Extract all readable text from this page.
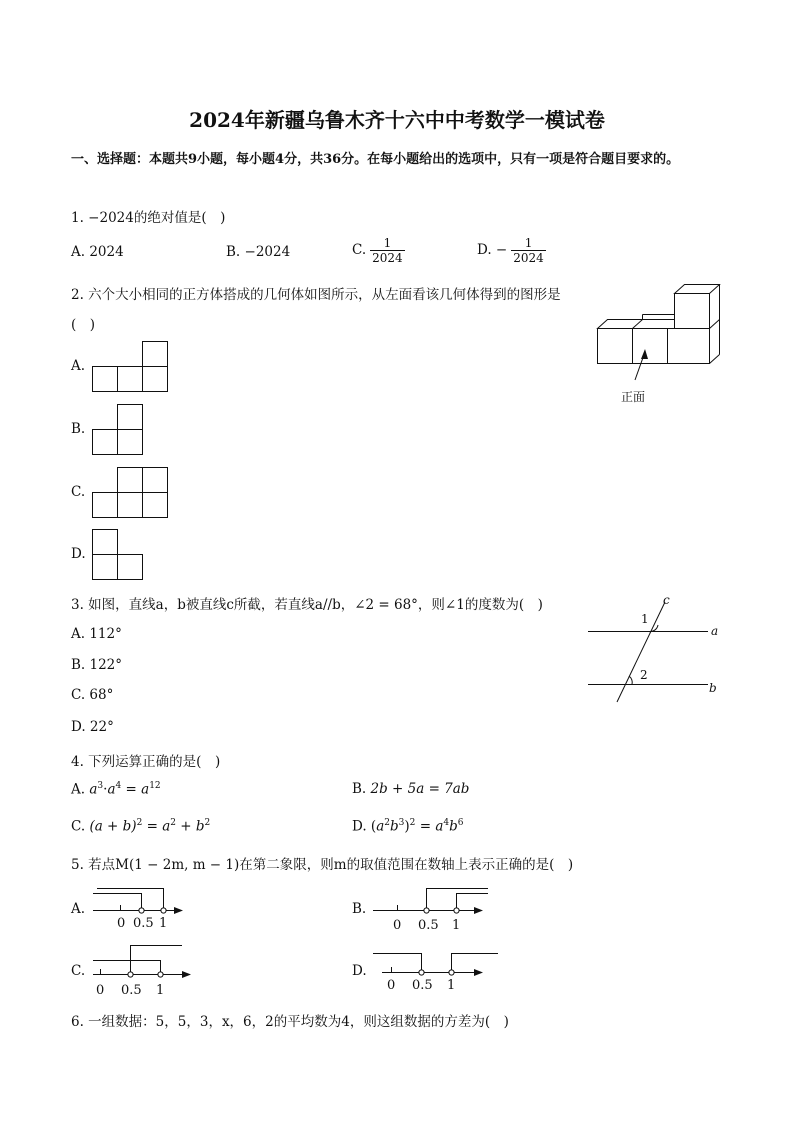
2024年新疆乌鲁木齐十六中中考数学一模试卷
一、选择题：本题共9小题，每小题4分，共36分。在每小题给出的选项中，只有一项是符合题目要求的。
1. −2024的绝对值是(　)
A. 2024	B. −2024	C. $\frac{1}{2024}$	D. − $\frac{1}{2024}$
2. 六个大小相同的正方体搭成的几何体如图所示，从左面看该几何体得到的图形是
(　)
A.
B.
C.
D.
正面
3. 如图，直线a，b被直线c所截，若直线a//b，∠2 = 68°，则∠1的度数为(　)
A. 112°
B. 122°
C. 68°
D. 22°
c
a
b
1
2
4. 下列运算正确的是(　)
A. $a^3\cdot a^4 = a^{12}$	B. 2b + 5a = 7ab
C. $(a + b)^2 = a^2 + b^2$	D. $(a^2b^3)^2 = a^4b^6$
5. 若点M(1 − 2m, m − 1)在第二象限，则m的取值范围在数轴上表示正确的是(　)
A.
0 0.5 1
B.
0 0.5 1
C.
0 0.5 1
D.
0 0.5 1
6. 一组数据：5，5，3，x，6，2的平均数为4，则这组数据的方差为(　)
